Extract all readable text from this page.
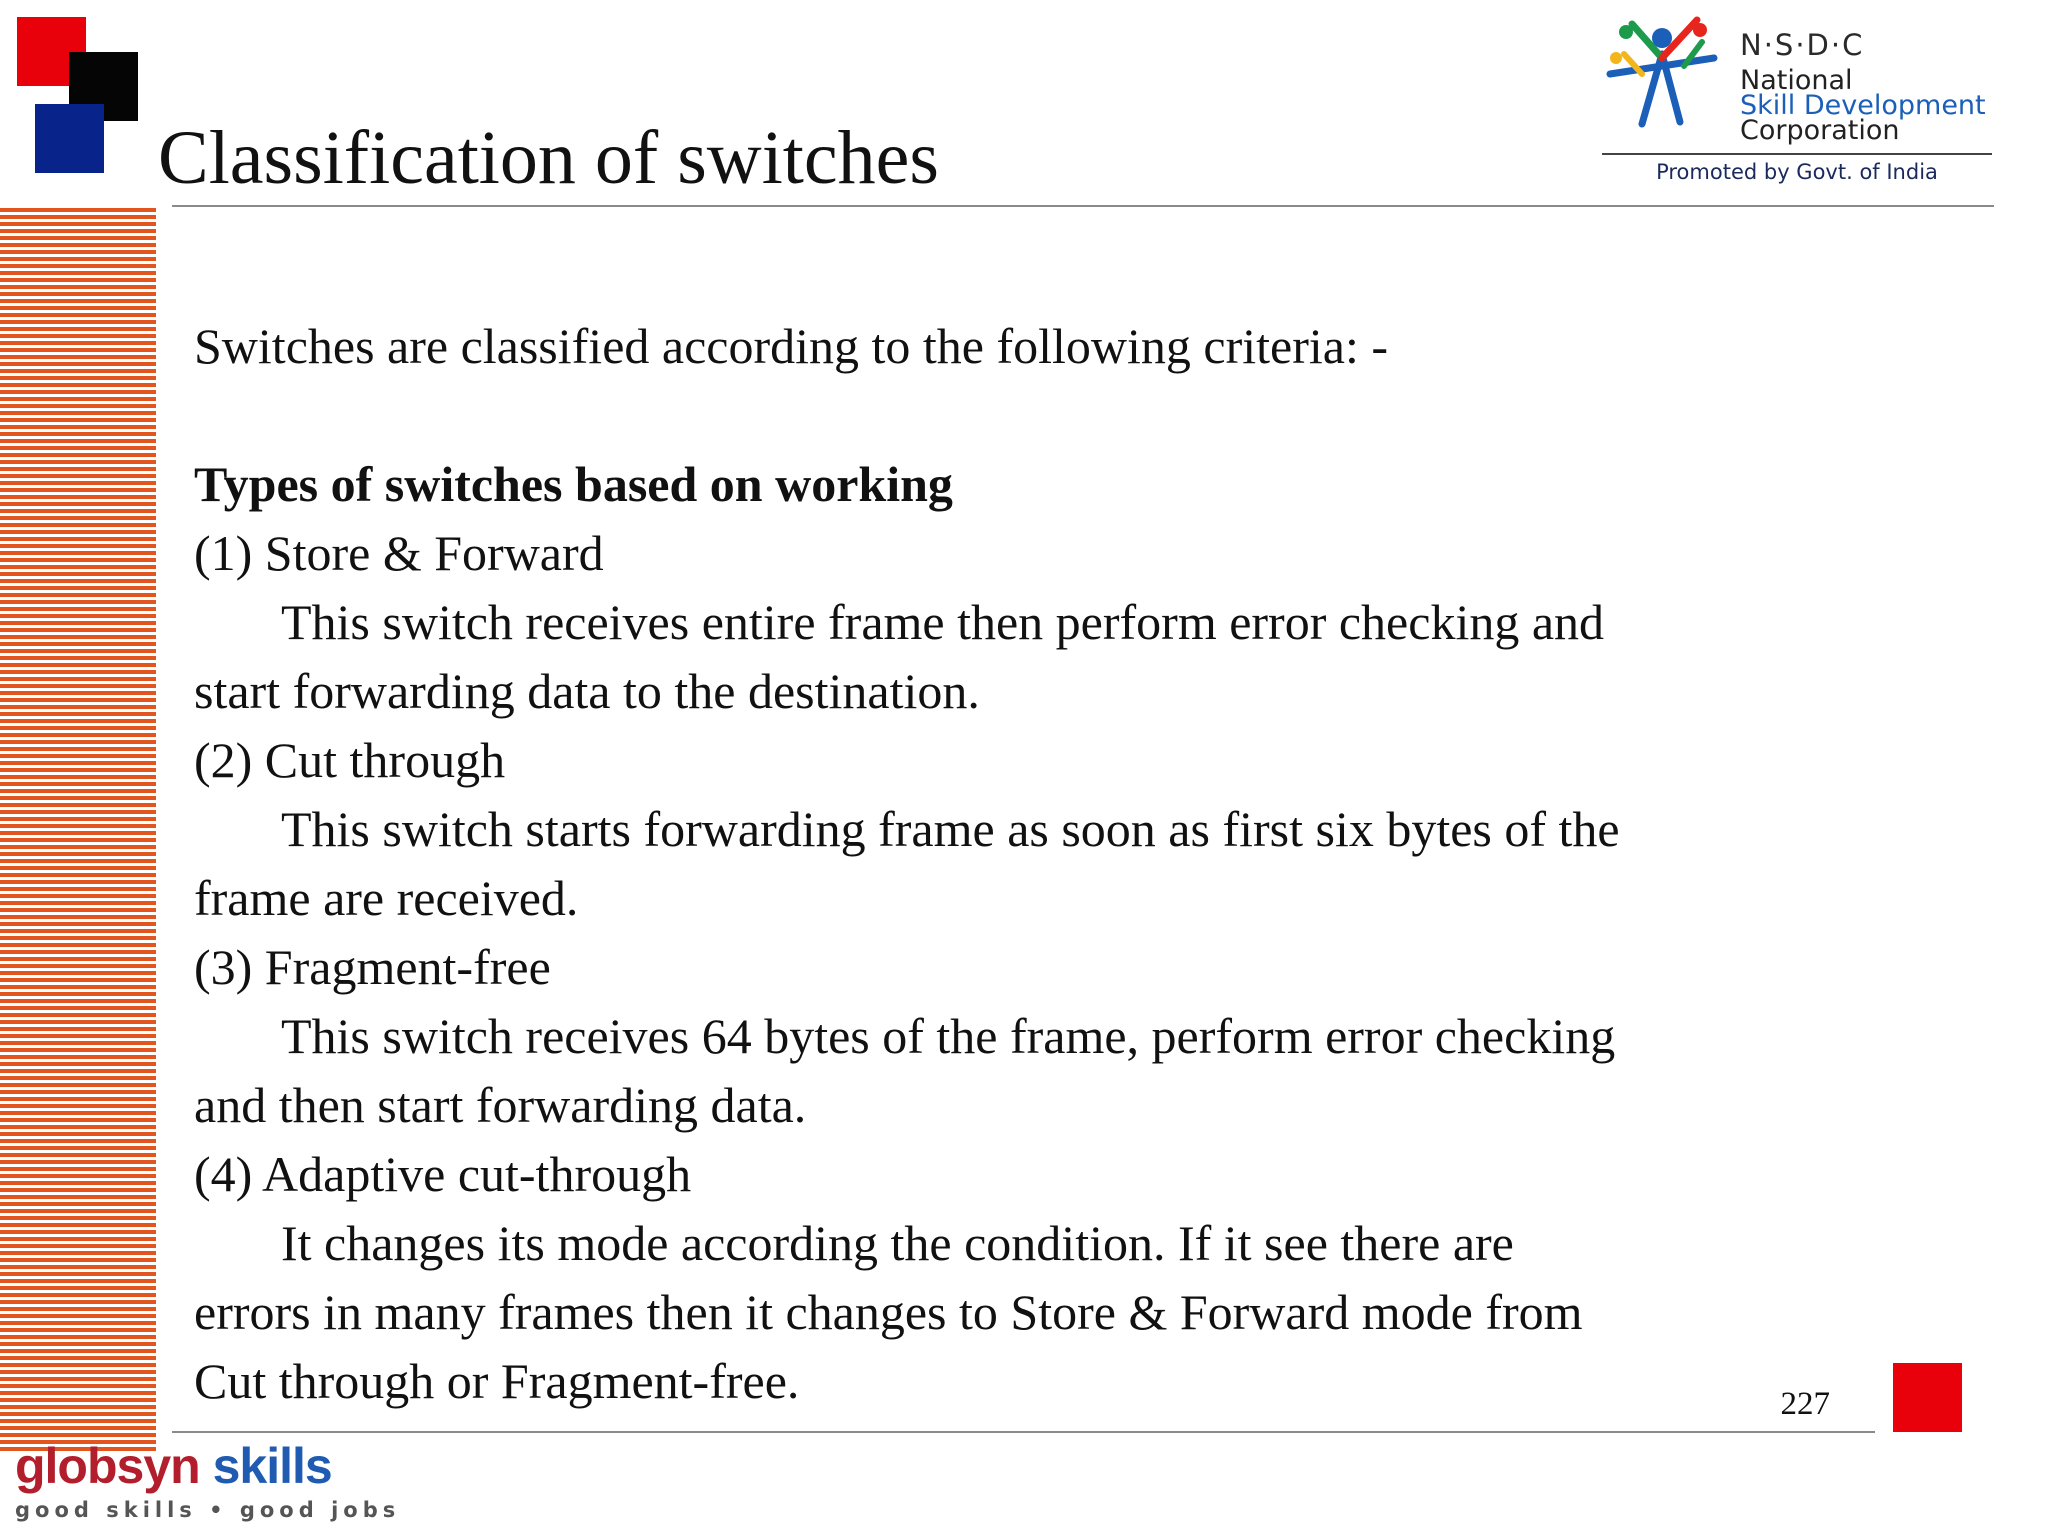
Classification of switches
N·S·D·C
National
Skill Development
Corporation
Promoted by Govt. of India

Switches are classified according to the following criteria: -

Types of switches based on working

(1) Store & Forward

This switch receives entire frame then perform error checking and

start forwarding data to the destination.

(2) Cut through

This switch starts forwarding frame as soon as first six bytes of the

frame are received.

(3) Fragment-free

This switch receives 64 bytes of the frame, perform error checking

and then start forwarding data.

(4) Adaptive cut-through

It changes its mode according the condition. If it see there are

errors in many frames then it changes to Store & Forward mode from

Cut through or Fragment-free.	227
globsyn skills
good skills • good jobs
